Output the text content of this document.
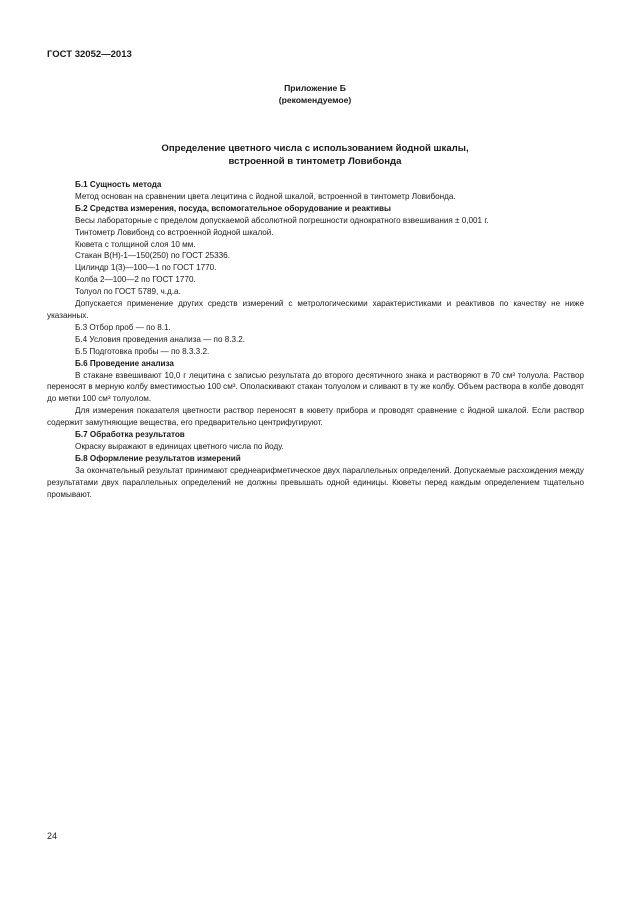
ГОСТ 32052—2013
Приложение Б
(рекомендуемое)
Определение цветного числа с использованием йодной шкалы,
встроенной в тинтометр Ловибонда

Б.1 Сущность метода

Метод основан на сравнении цвета лецитина с йодной шкалой, встроенной в тинтометр Ловибонда.

Б.2 Средства измерения, посуда, вспомогательное оборудование и реактивы

Весы лабораторные с пределом допускаемой абсолютной погрешности однократного взвешивания ± 0,001 г.

Тинтометр Ловибонд со встроенной йодной шкалой.

Кювета с толщиной слоя 10 мм.

Стакан В(Н)-1—150(250) по ГОСТ 25336.

Цилиндр 1(3)—100—1 по ГОСТ 1770.

Колба 2—100—2 по ГОСТ 1770.

Толуол по ГОСТ 5789, ч.д.а.

Допускается применение других средств измерений с метрологическими характеристиками и реактивов по качеству не ниже указанных.

Б.3 Отбор проб — по 8.1.

Б.4 Условия проведения анализа — по 8.3.2.

Б.5 Подготовка пробы — по 8.3.3.2.

Б.6 Проведение анализа

В стакане взвешивают 10,0 г лецитина с записью результата до второго десятичного знака и растворяют в 70 см³ толуола. Раствор переносят в мерную колбу вместимостью 100 см³. Ополаскивают стакан толуолом и сливают в ту же колбу. Объем раствора в колбе доводят до метки 100 см³ толуолом.

Для измерения показателя цветности раствор переносят в кювету прибора и проводят сравнение с йодной шкалой. Если раствор содержит замутняющие вещества, его предварительно центрифугируют.

Б.7 Обработка результатов

Окраску выражают в единицах цветного числа по йоду.

Б.8 Оформление результатов измерений

За окончательный результат принимают среднеарифметическое двух параллельных определений. Допускаемые расхождения между результатами двух параллельных определений не должны превышать одной единицы. Кюветы перед каждым определением тщательно промывают.

24
